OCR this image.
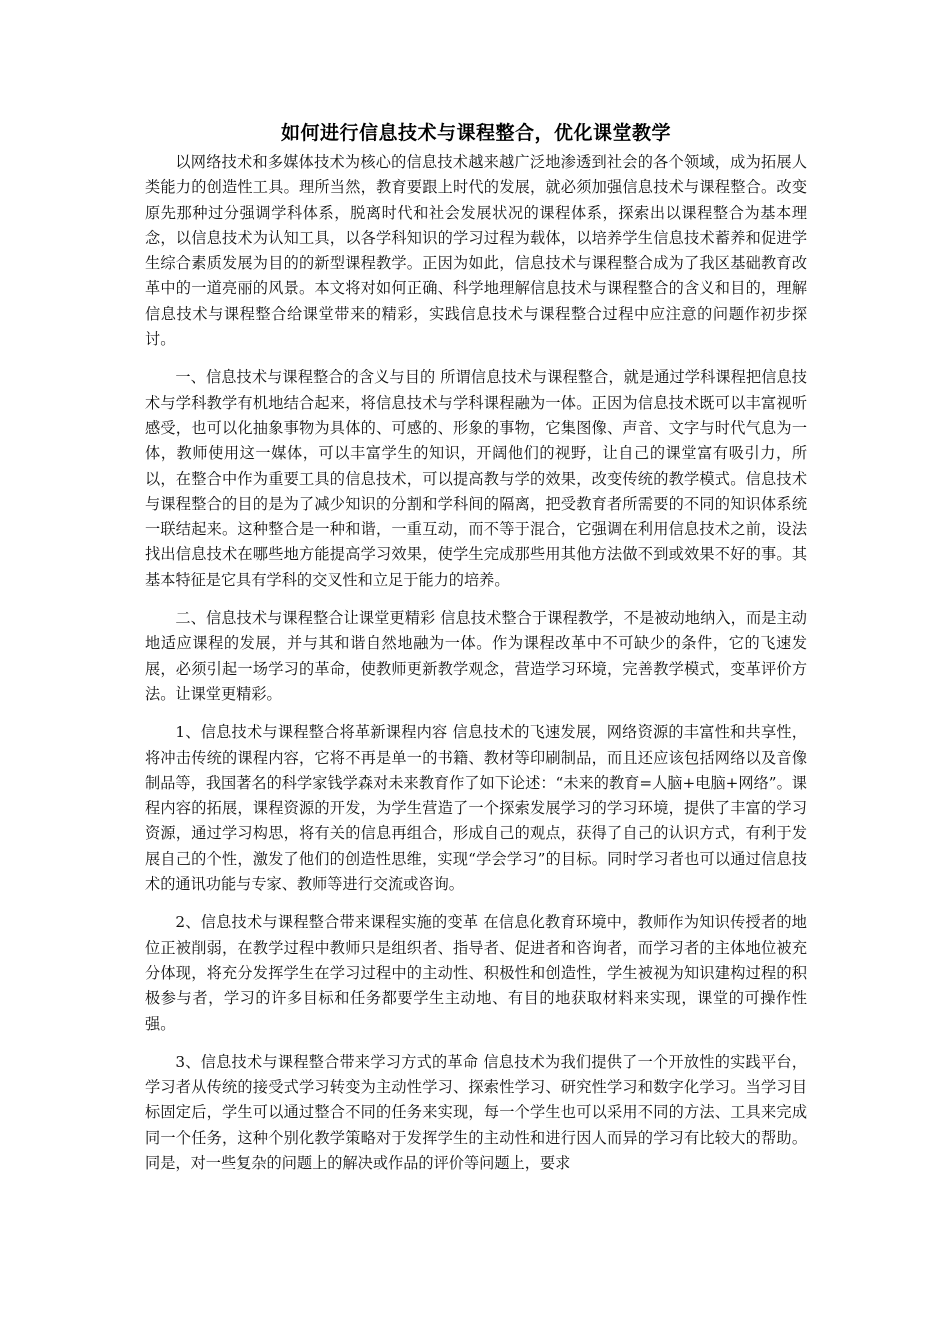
如何进行信息技术与课程整合，优化课堂教学

以网络技术和多媒体技术为核心的信息技术越来越广泛地渗透到社会的各个领域，成为拓展人类能力的创造性工具。理所当然，教育要跟上时代的发展，就必须加强信息技术与课程整合。改变原先那种过分强调学科体系，脱离时代和社会发展状况的课程体系，探索出以课程整合为基本理念，以信息技术为认知工具，以各学科知识的学习过程为载体，以培养学生信息技术蓄养和促进学生综合素质发展为目的的新型课程教学。正因为如此，信息技术与课程整合成为了我区基础教育改革中的一道亮丽的风景。本文将对如何正确、科学地理解信息技术与课程整合的含义和目的，理解信息技术与课程整合给课堂带来的精彩，实践信息技术与课程整合过程中应注意的问题作初步探讨。

一、信息技术与课程整合的含义与目的 所谓信息技术与课程整合，就是通过学科课程把信息技术与学科教学有机地结合起来，将信息技术与学科课程融为一体。正因为信息技术既可以丰富视听感受，也可以化抽象事物为具体的、可感的、形象的事物，它集图像、声音、文字与时代气息为一体，教师使用这一媒体，可以丰富学生的知识，开阔他们的视野，让自己的课堂富有吸引力，所以，在整合中作为重要工具的信息技术，可以提高教与学的效果，改变传统的教学模式。信息技术与课程整合的目的是为了减少知识的分割和学科间的隔离，把受教育者所需要的不同的知识体系统一联结起来。这种整合是一种和谐，一重互动，而不等于混合，它强调在利用信息技术之前，设法找出信息技术在哪些地方能提高学习效果，使学生完成那些用其他方法做不到或效果不好的事。其基本特征是它具有学科的交叉性和立足于能力的培养。

二、信息技术与课程整合让课堂更精彩 信息技术整合于课程教学，不是被动地纳入，而是主动地适应课程的发展，并与其和谐自然地融为一体。作为课程改革中不可缺少的条件，它的飞速发展，必须引起一场学习的革命，使教师更新教学观念，营造学习环境，完善教学模式，变革评价方法。让课堂更精彩。

1、信息技术与课程整合将革新课程内容 信息技术的飞速发展，网络资源的丰富性和共享性，将冲击传统的课程内容，它将不再是单一的书籍、教材等印刷制品，而且还应该包括网络以及音像制品等，我国著名的科学家钱学森对未来教育作了如下论述：“未来的教育=人脑+电脑+网络”。课程内容的拓展，课程资源的开发，为学生营造了一个探索发展学习的学习环境，提供了丰富的学习资源，通过学习构思，将有关的信息再组合，形成自己的观点，获得了自己的认识方式，有利于发展自己的个性，激发了他们的创造性思维，实现“学会学习”的目标。同时学习者也可以通过信息技术的通讯功能与专家、教师等进行交流或咨询。

2、信息技术与课程整合带来课程实施的变革 在信息化教育环境中，教师作为知识传授者的地位正被削弱，在教学过程中教师只是组织者、指导者、促进者和咨询者，而学习者的主体地位被充分体现，将充分发挥学生在学习过程中的主动性、积极性和创造性，学生被视为知识建构过程的积极参与者，学习的许多目标和任务都要学生主动地、有目的地获取材料来实现，课堂的可操作性强。

3、信息技术与课程整合带来学习方式的革命 信息技术为我们提供了一个开放性的实践平台，学习者从传统的接受式学习转变为主动性学习、探索性学习、研究性学习和数字化学习。当学习目标固定后，学生可以通过整合不同的任务来实现，每一个学生也可以采用不同的方法、工具来完成同一个任务，这种个别化教学策略对于发挥学生的主动性和进行因人而异的学习有比较大的帮助。同是，对一些复杂的问题上的解决或作品的评价等问题上，要求
